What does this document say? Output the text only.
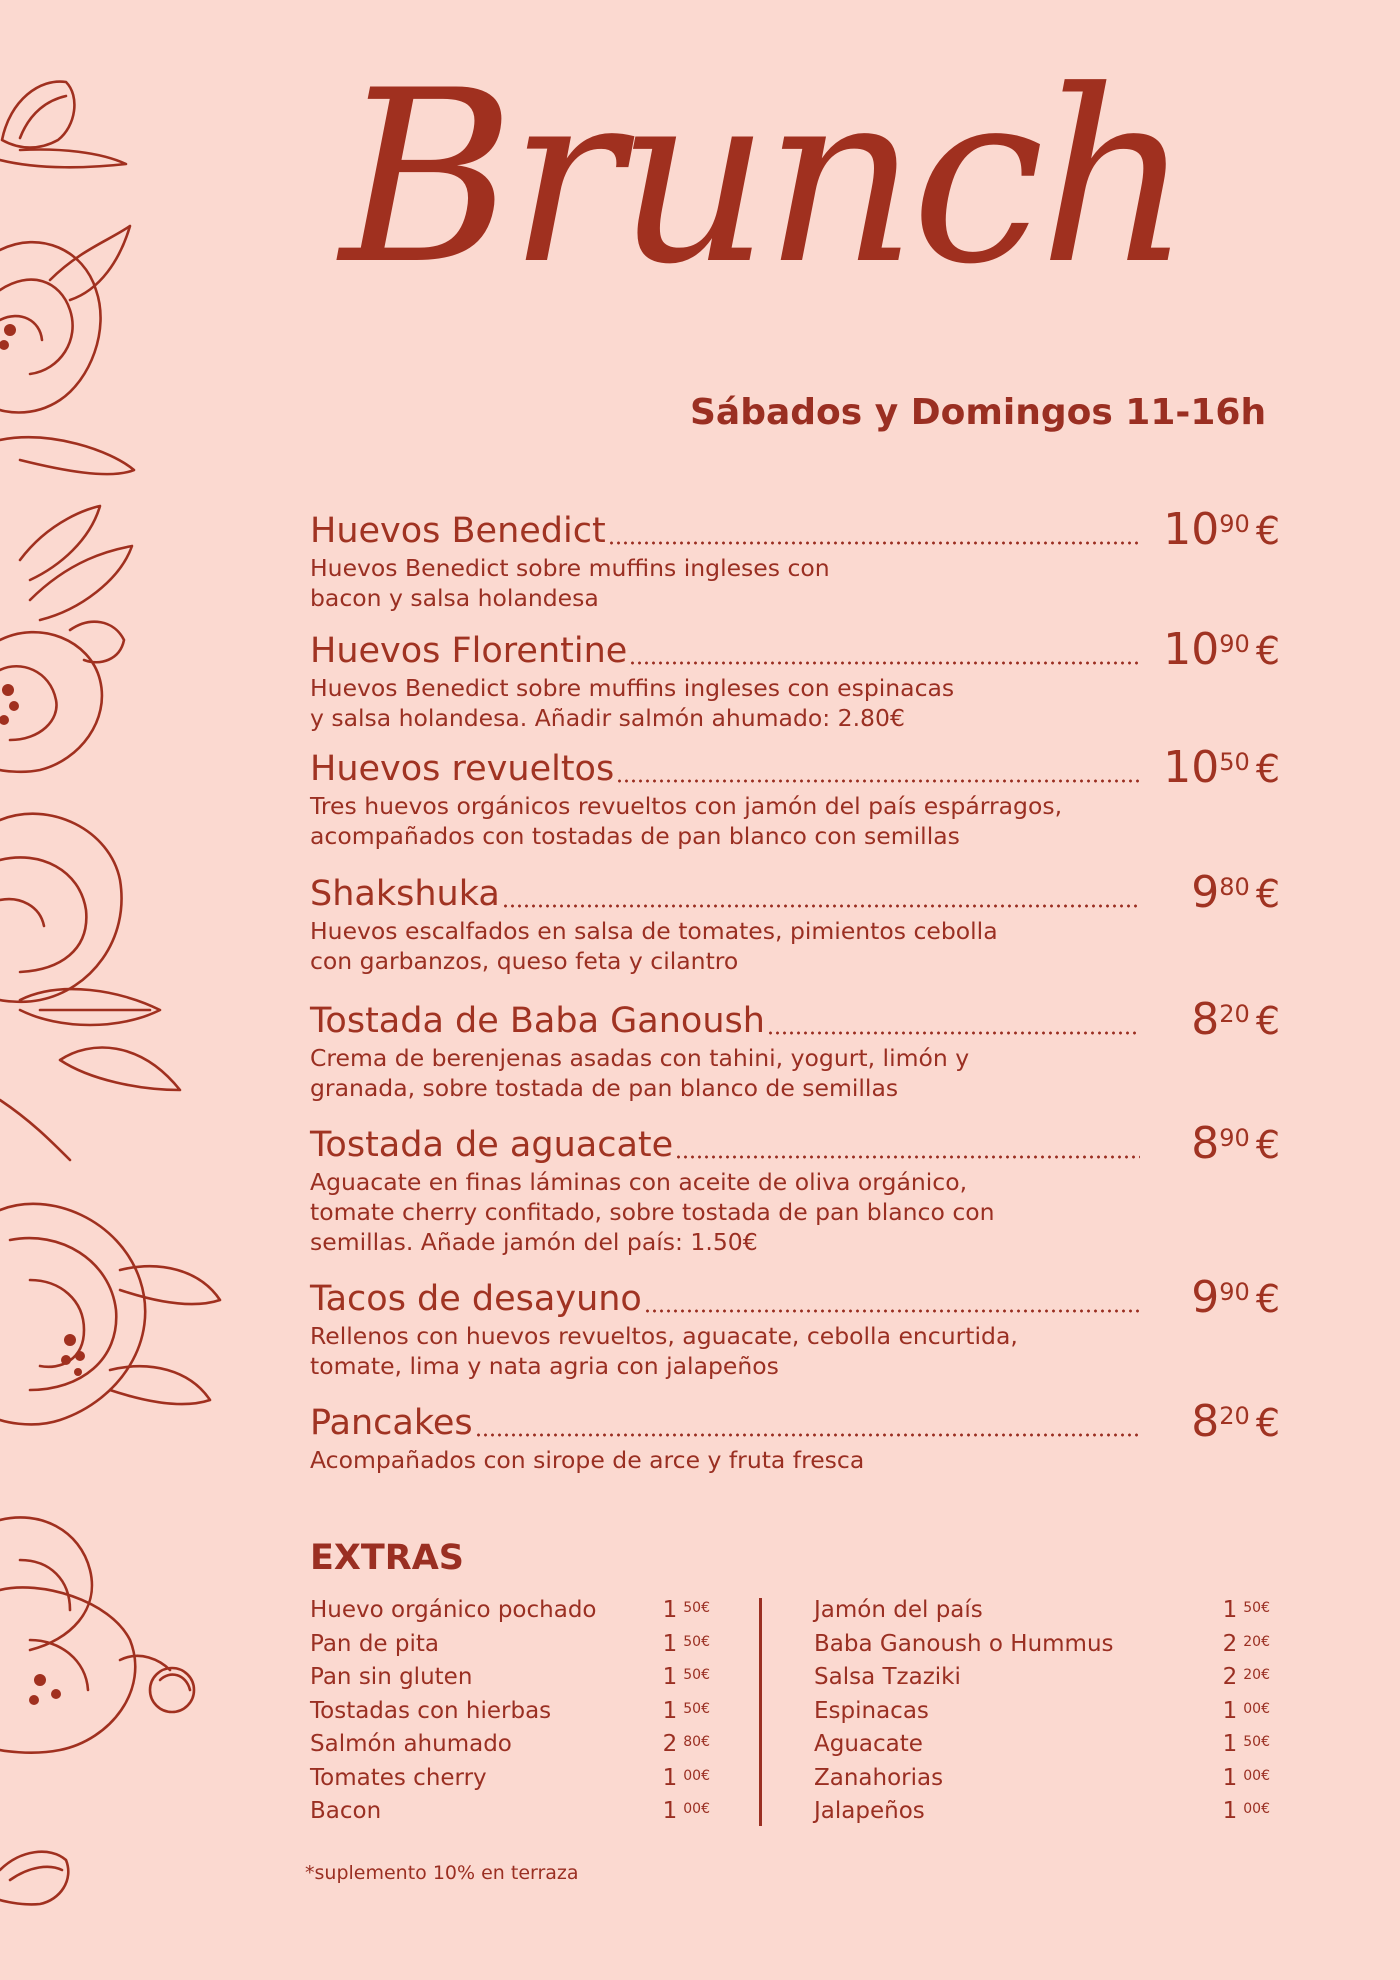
Brunch
Sábados y Domingos 11-16h
Huevos Benedict	$10^{90}$ €
Huevos Benedict sobre muffins ingleses con
bacon y salsa holandesa
Huevos Florentine	$10^{90}$ €
Huevos Benedict sobre muffins ingleses con espinacas
y salsa holandesa. Añadir salmón ahumado: 2.80€
Huevos revueltos	$10^{50}$ €
Tres huevos orgánicos revueltos con jamón del país espárragos,
acompañados con tostadas de pan blanco con semillas
Shakshuka	$9^{80}$ €
Huevos escalfados en salsa de tomates, pimientos cebolla
con garbanzos, queso feta y cilantro
Tostada de Baba Ganoush	$8^{20}$ €
Crema de berenjenas asadas con tahini, yogurt, limón y
granada, sobre tostada de pan blanco de semillas
Tostada de aguacate	$8^{90}$ €
Aguacate en finas láminas con aceite de oliva orgánico,
tomate cherry confitado, sobre tostada de pan blanco con
semillas. Añade jamón del país: 1.50€
Tacos de desayuno	$9^{90}$ €
Rellenos con huevos revueltos, aguacate, cebolla encurtida,
tomate, lima y nata agria con jalapeños
Pancakes	$8^{20}$ €
Acompañados con sirope de arce y fruta fresca
EXTRAS
Huevo orgánico pochado	1 $^{50€}$
Pan de pita	1 $^{50€}$
Pan sin gluten	1 $^{50€}$
Tostadas con hierbas	1 $^{50€}$
Salmón ahumado	2 $^{80€}$
Tomates cherry	1 $^{00€}$
Bacon	1 $^{00€}$
Jamón del país	1 $^{50€}$
Baba Ganoush o Hummus	2 $^{20€}$
Salsa Tzaziki	2 $^{20€}$
Espinacas	1 $^{00€}$
Aguacate	1 $^{50€}$
Zanahorias	1 $^{00€}$
Jalapeños	1 $^{00€}$
*suplemento 10% en terraza
